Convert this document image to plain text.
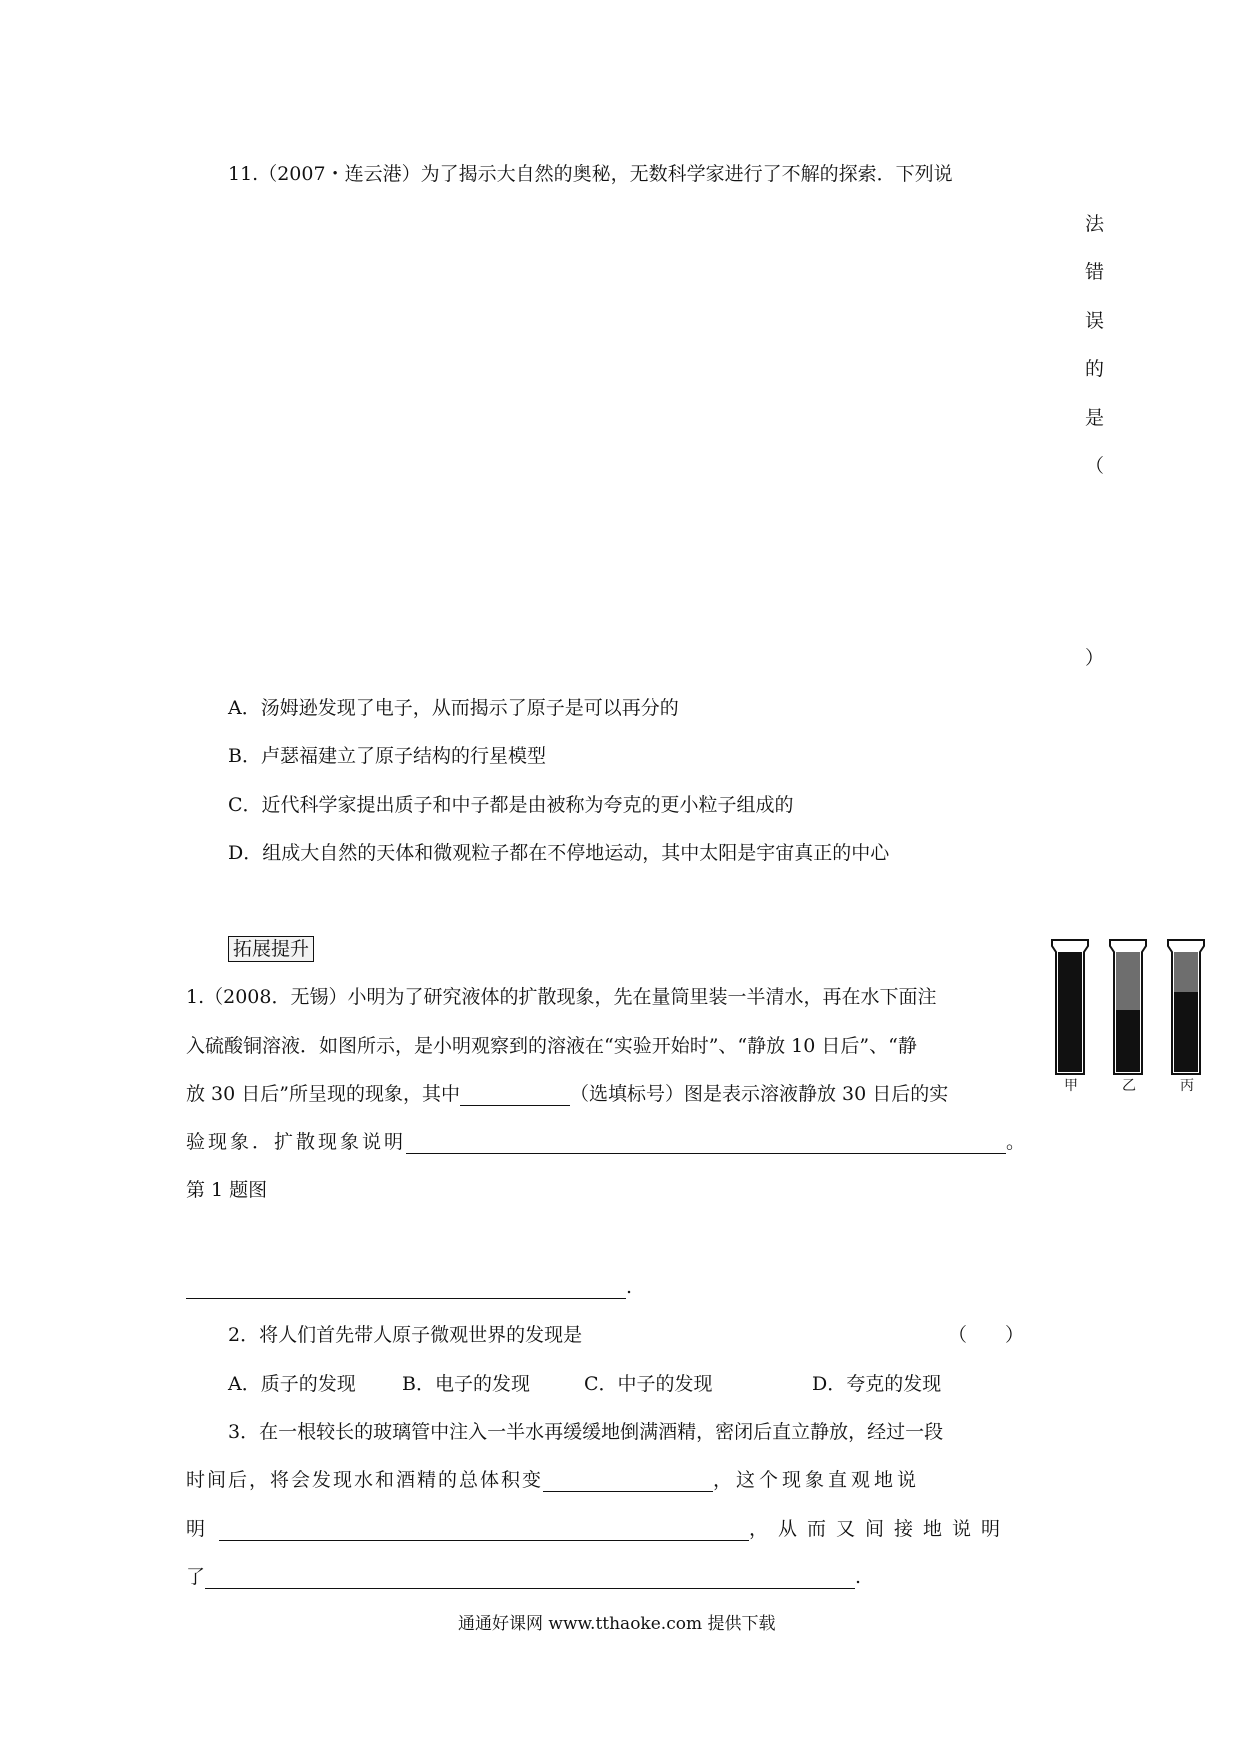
11.（2007・连云港）为了揭示大自然的奥秘，无数科学家进行了不解的探索．下列说
法
错
误
的
是
（
）
A．汤姆逊发现了电子，从而揭示了原子是可以再分的
B．卢瑟福建立了原子结构的行星模型
C．近代科学家提出质子和中子都是由被称为夸克的更小粒子组成的
D．组成大自然的天体和微观粒子都在不停地运动，其中太阳是宇宙真正的中心
拓展提升
1.（2008．无锡）小明为了研究液体的扩散现象，先在量筒里装一半清水，再在水下面注
入硫酸铜溶液．如图所示，是小明观察到的溶液在“实验开始时”、“静放 10 日后”、“静
放 30 日后”所呈现的现象，其中	（选填标号）图是表示溶液静放 30 日后的实
验现象．扩散现象说明	。
第 1 题图
.
甲	乙	丙
2．将人们首先带人原子微观世界的发现是	（　　）
A．质子的发现 B．电子的发现	C．中子的发现	D．夸克的发现
3．在一根较长的玻璃管中注入一半水再缓缓地倒满酒精，密闭后直立静放，经过一段
时间后，将会发现水和酒精的总体积变	，这个现象直观地说
明	，从而又间接地说明
了	.
通通好课网 www.tthaoke.com 提供下载
